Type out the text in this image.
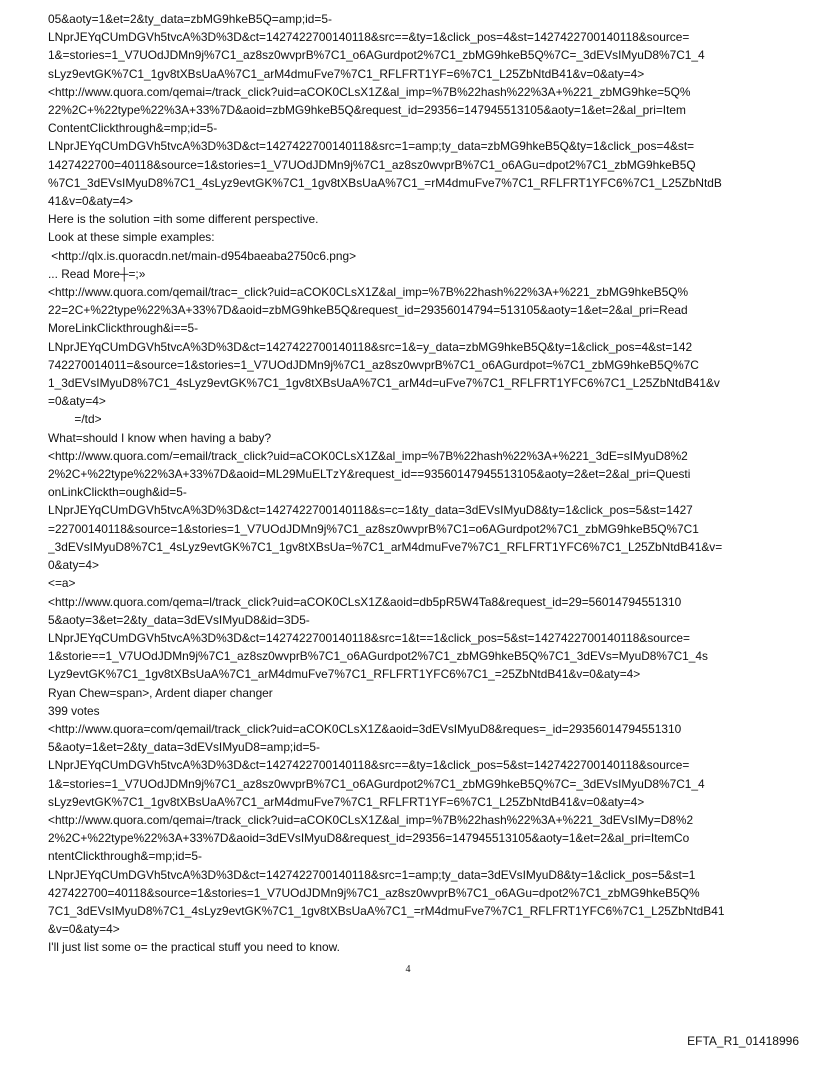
05&aoty=1&et=2&ty_data=zbMG9hkeB5Q=amp;id=5-
LNprJEYqCUmDGVh5tvcA%3D%3D&ct=1427422700140118&src==&ty=1&click_pos=4&st=1427422700140118&source=
1&=stories=1_V7UOdJDMn9j%7C1_az8sz0wvprB%7C1_o6AGurdpot2%7C1_zbMG9hkeB5Q%7C=_3dEVsIMyuD8%7C1_4
sLyz9evtGK%7C1_1gv8tXBsUaA%7C1_arM4dmuFve7%7C1_RFLFRT1YF=6%7C1_L25ZbNtdB41&v=0&aty=4>
<http://www.quora.com/qemai=/track_click?uid=aCOK0CLsX1Z&al_imp=%7B%22hash%22%3A+%221_zbMG9hke=5Q%
22%2C+%22type%22%3A+33%7D&aoid=zbMG9hkeB5Q&request_id=29356=147945513105&aoty=1&et=2&al_pri=Item
ContentClickthrough&=mp;id=5-
LNprJEYqCUmDGVh5tvcA%3D%3D&ct=1427422700140118&src=1=amp;ty_data=zbMG9hkeB5Q&ty=1&click_pos=4&st=
1427422700=40118&source=1&stories=1_V7UOdJDMn9j%7C1_az8sz0wvprB%7C1_o6AGu=dpot2%7C1_zbMG9hkeB5Q
%7C1_3dEVsIMyuD8%7C1_4sLyz9evtGK%7C1_1gv8tXBsUaA%7C1_=rM4dmuFve7%7C1_RFLFRT1YFC6%7C1_L25ZbNtdB
41&v=0&aty=4>
Here is the solution =ith some different perspective.
Look at these simple examples:
<http://qlx.is.quoracdn.net/main-d954baeaba2750c6.png>
... Read More┼=;»
<http://www.quora.com/qemail/trac=_click?uid=aCOK0CLsX1Z&al_imp=%7B%22hash%22%3A+%221_zbMG9hkeB5Q%
22=2C+%22type%22%3A+33%7D&aoid=zbMG9hkeB5Q&request_id=29356014794=513105&aoty=1&et=2&al_pri=Read
MoreLinkClickthrough&i==5-
LNprJEYqCUmDGVh5tvcA%3D%3D&ct=1427422700140118&src=1&=y_data=zbMG9hkeB5Q&ty=1&click_pos=4&st=142
742270014011=&source=1&stories=1_V7UOdJDMn9j%7C1_az8sz0wvprB%7C1_o6AGurdpot=%7C1_zbMG9hkeB5Q%7C
1_3dEVsIMyuD8%7C1_4sLyz9evtGK%7C1_1gv8tXBsUaA%7C1_arM4d=uFve7%7C1_RFLFRT1YFC6%7C1_L25ZbNtdB41&v
=0&aty=4>
=/td>
What=should I know when having a baby?
<http://www.quora.com/=email/track_click?uid=aCOK0CLsX1Z&al_imp=%7B%22hash%22%3A+%221_3dE=sIMyuD8%2
2%2C+%22type%22%3A+33%7D&aoid=ML29MuELTzY&request_id==93560147945513105&aoty=2&et=2&al_pri=Questi
onLinkClickth=ough&id=5-
LNprJEYqCUmDGVh5tvcA%3D%3D&ct=1427422700140118&s=c=1&ty_data=3dEVsIMyuD8&ty=1&click_pos=5&st=1427
=22700140118&source=1&stories=1_V7UOdJDMn9j%7C1_az8sz0wvprB%7C1=o6AGurdpot2%7C1_zbMG9hkeB5Q%7C1
_3dEVsIMyuD8%7C1_4sLyz9evtGK%7C1_1gv8tXBsUa=%7C1_arM4dmuFve7%7C1_RFLFRT1YFC6%7C1_L25ZbNtdB41&v=
0&aty=4>
<=a>
<http://www.quora.com/qema=l/track_click?uid=aCOK0CLsX1Z&aoid=db5pR5W4Ta8&request_id=29=56014794551310
5&aoty=3&et=2&ty_data=3dEVsIMyuD8&id=3D5-
LNprJEYqCUmDGVh5tvcA%3D%3D&ct=1427422700140118&src=1&t==1&click_pos=5&st=1427422700140118&source=
1&storie==1_V7UOdJDMn9j%7C1_az8sz0wvprB%7C1_o6AGurdpot2%7C1_zbMG9hkeB5Q%7C1_3dEVs=MyuD8%7C1_4s
Lyz9evtGK%7C1_1gv8tXBsUaA%7C1_arM4dmuFve7%7C1_RFLFRT1YFC6%7C1_=25ZbNtdB41&v=0&aty=4>
Ryan Chew=span>, Ardent diaper changer
399 votes
<http://www.quora=com/qemail/track_click?uid=aCOK0CLsX1Z&aoid=3dEVsIMyuD8&reques=_id=29356014794551310
5&aoty=1&et=2&ty_data=3dEVsIMyuD8=amp;id=5-
LNprJEYqCUmDGVh5tvcA%3D%3D&ct=1427422700140118&src==&ty=1&click_pos=5&st=1427422700140118&source=
1&=stories=1_V7UOdJDMn9j%7C1_az8sz0wvprB%7C1_o6AGurdpot2%7C1_zbMG9hkeB5Q%7C=_3dEVsIMyuD8%7C1_4
sLyz9evtGK%7C1_1gv8tXBsUaA%7C1_arM4dmuFve7%7C1_RFLFRT1YF=6%7C1_L25ZbNtdB41&v=0&aty=4>
<http://www.quora.com/qemai=/track_click?uid=aCOK0CLsX1Z&al_imp=%7B%22hash%22%3A+%221_3dEVsIMy=D8%2
2%2C+%22type%22%3A+33%7D&aoid=3dEVsIMyuD8&request_id=29356=147945513105&aoty=1&et=2&al_pri=ItemCo
ntentClickthrough&=mp;id=5-
LNprJEYqCUmDGVh5tvcA%3D%3D&ct=1427422700140118&src=1=amp;ty_data=3dEVsIMyuD8&ty=1&click_pos=5&st=1
427422700=40118&source=1&stories=1_V7UOdJDMn9j%7C1_az8sz0wvprB%7C1_o6AGu=dpot2%7C1_zbMG9hkeB5Q%
7C1_3dEVsIMyuD8%7C1_4sLyz9evtGK%7C1_1gv8tXBsUaA%7C1_=rM4dmuFve7%7C1_RFLFRT1YFC6%7C1_L25ZbNtdB41
&v=0&aty=4>
I'll just list some o= the practical stuff you need to know.
4
EFTA_R1_01418996
